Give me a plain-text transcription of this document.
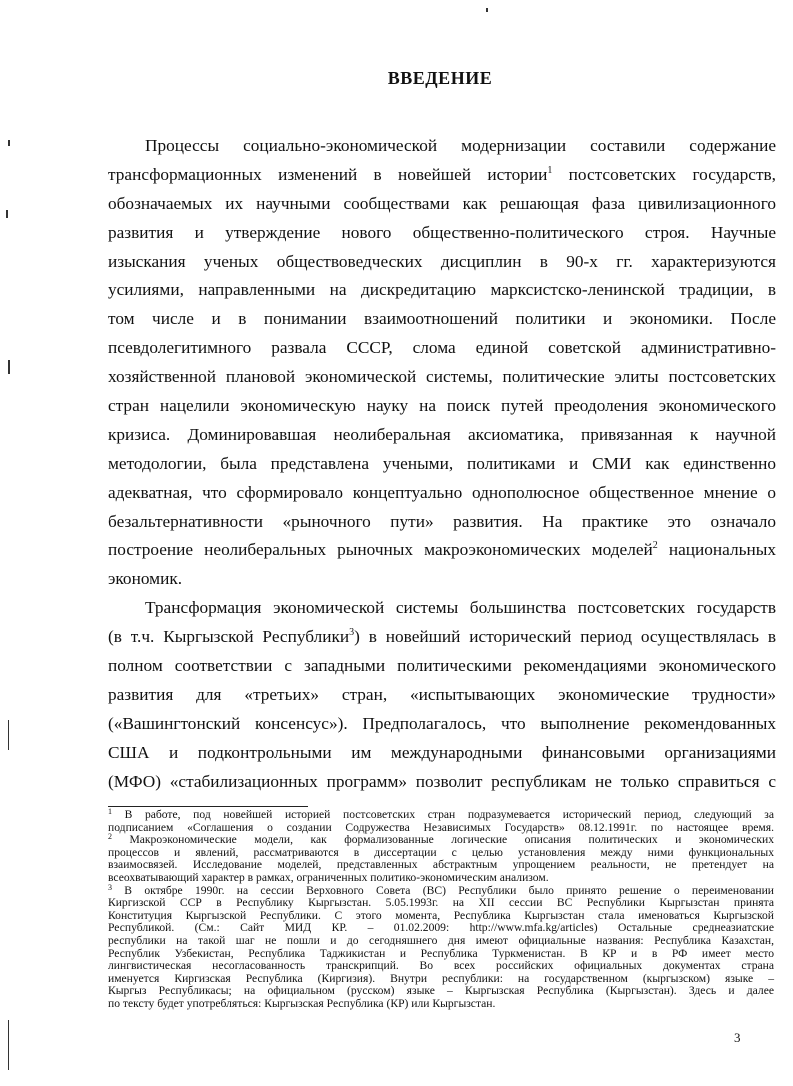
ВВЕДЕНИЕ
Процессы социально-экономической модернизации составили содержание
трансформационных изменений в новейшей истории$^1$ постсоветских государств,
обозначаемых их научными сообществами как решающая фаза цивилизационного
развития и утверждение нового общественно-политического строя. Научные
изыскания ученых обществоведческих дисциплин в 90-х гг. характеризуются
усилиями, направленными на дискредитацию марксистско-ленинской традиции, в
том числе и в понимании взаимоотношений политики и экономики. После
псевдолегитимного развала СССР, слома единой советской административно-
хозяйственной плановой экономической системы, политические элиты постсоветских
стран нацелили экономическую науку на поиск путей преодоления экономического
кризиса. Доминировавшая неолиберальная аксиоматика, привязанная к научной
методологии, была представлена учеными, политиками и СМИ как единственно
адекватная, что сформировало концептуально однополюсное общественное мнение о
безальтернативности «рыночного пути» развития. На практике это означало
построение неолиберальных рыночных макроэкономических моделей$^2$ национальных
экономик.
Трансформация экономической системы большинства постсоветских государств
(в т.ч. Кыргызской Республики$^3$) в новейший исторический период осуществлялась в
полном соответствии с западными политическими рекомендациями экономического
развития для «третьих» стран, «испытывающих экономические трудности»
(«Вашингтонский консенсус»). Предполагалось, что выполнение рекомендованных
США и подконтрольными им международными финансовыми организациями
(МФО) «стабилизационных программ» позволит республикам не только справиться с
$^1$ В работе, под новейшей историей постсоветских стран подразумевается исторический период, следующий за
подписанием «Соглашения о создании Содружества Независимых Государств» 08.12.1991г. по настоящее время.
$^2$ Макроэкономические модели, как формализованные логические описания политических и экономических
процессов и явлений, рассматриваются в диссертации с целью установления между ними функциональных
взаимосвязей. Исследование моделей, представленных абстрактным упрощением реальности, не претендует на
всеохватывающий характер в рамках, ограниченных политико-экономическим анализом.
$^3$ В октябре 1990г. на сессии Верховного Совета (ВС) Республики было принято решение о переименовании
Киргизской ССР в Республику Кыргызстан. 5.05.1993г. на XII сессии ВС Республики Кыргызстан принята
Конституция Кыргызской Республики. С этого момента, Республика Кыргызстан стала именоваться Кыргызской
Республикой. (См.: Сайт МИД КР. – 01.02.2009: http://www.mfa.kg/articles) Остальные среднеазиатские
республики на такой шаг не пошли и до сегодняшнего дня имеют официальные названия: Республика Казахстан,
Республик Узбекистан, Республика Таджикистан и Республика Туркменистан. В КР и в РФ имеет место
лингвистическая несогласованность транскрипций. Во всех российских официальных документах страна
именуется Киргизская Республика (Киргизия). Внутри республики: на государственном (кыргызском) языке –
Кыргыз Республикасы; на официальном (русском) языке – Кыргызская Республика (Кыргызстан). Здесь и далее
по тексту будет употребляться: Кыргызская Республика (КР) или Кыргызстан.
3
